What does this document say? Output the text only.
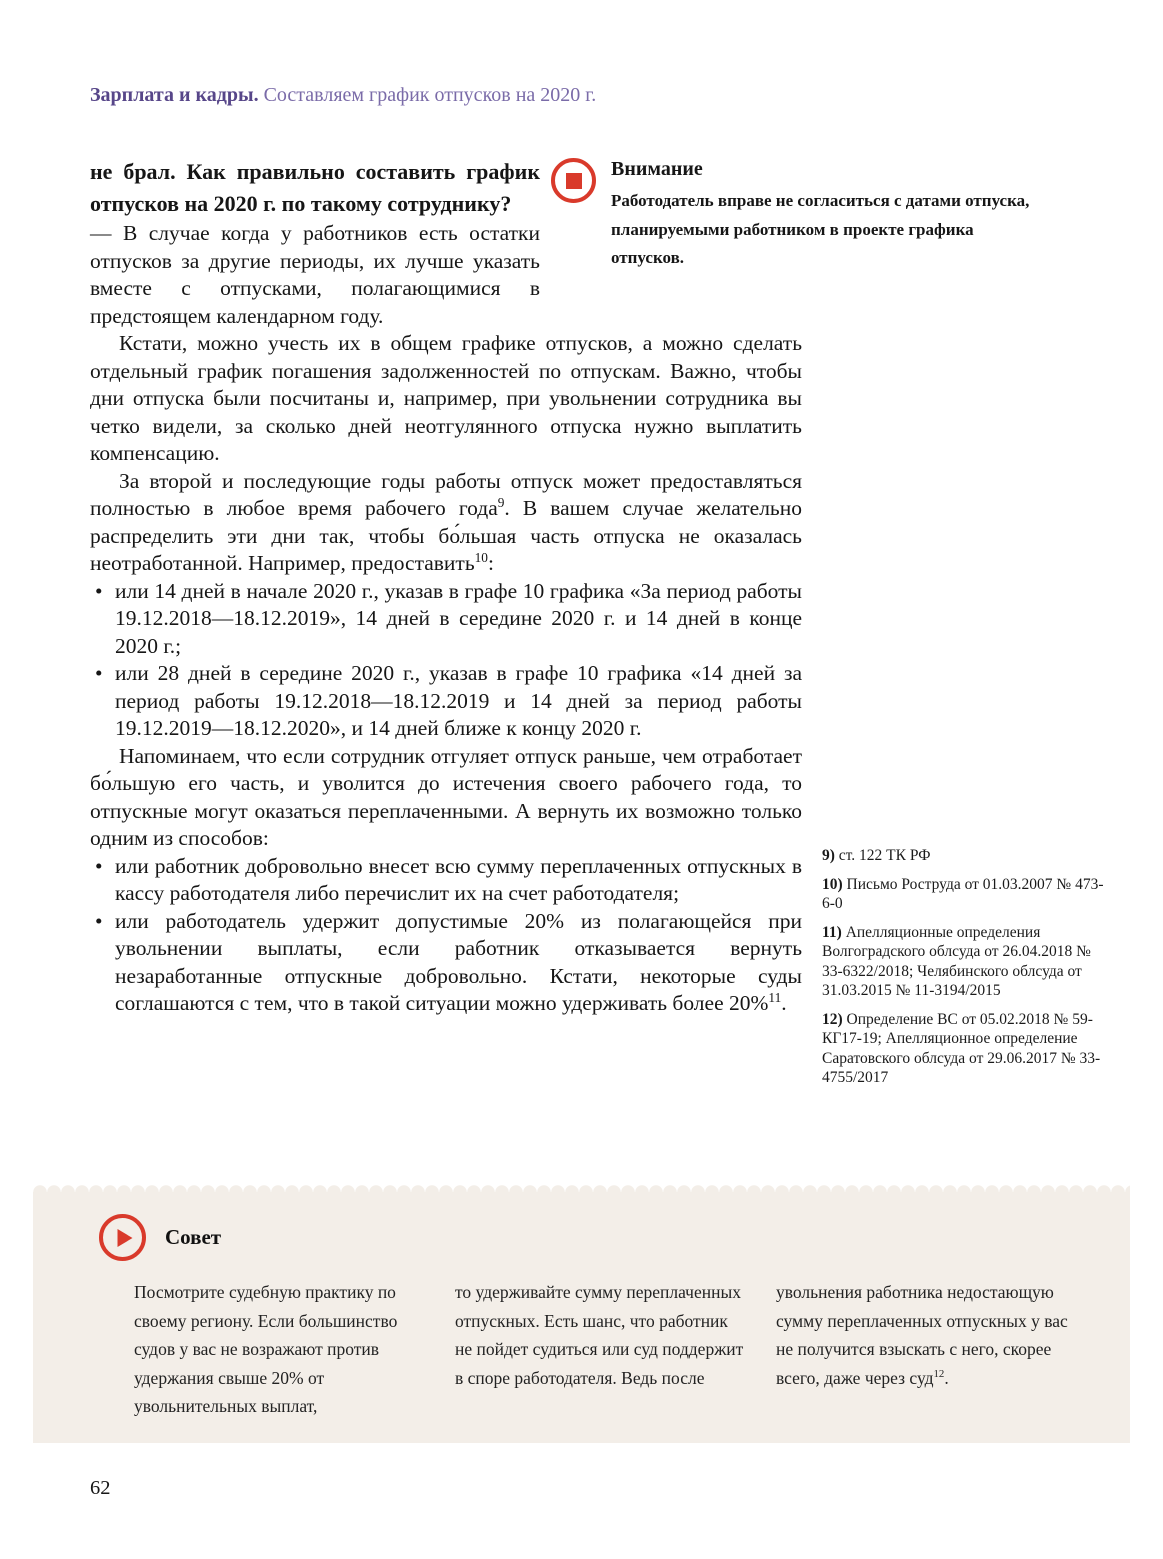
Зарплата и кадры. Составляем график отпусков на 2020 г.

Внимание

Работодатель вправе не согласиться с датами отпуска, планируемыми работником в проекте графика отпусков.

не брал. Как правильно составить график отпусков на 2020 г. по такому сотруднику?

— В случае когда у работников есть остатки отпусков за другие периоды, их лучше указать вместе с отпусками, полагающимися в предстоящем календарном году.

Кстати, можно учесть их в общем графике отпусков, а можно сделать отдельный график погашения задолженностей по отпускам. Важно, чтобы дни отпуска были посчитаны и, например, при увольнении сотрудника вы четко видели, за сколько дней неотгулянного отпуска нужно выплатить компенсацию.

За второй и последующие годы работы отпуск может предоставляться полностью в любое время рабочего года$^9$. В вашем случае желательно распределить эти дни так, чтобы бо́льшая часть отпуска не оказалась неотработанной. Например, предоставить$^{10}$:

• или 14 дней в начале 2020 г., указав в графе 10 графика «За период работы 19.12.2018—18.12.2019», 14 дней в середине 2020 г. и 14 дней в конце 2020 г.;
• или 28 дней в середине 2020 г., указав в графе 10 графика «14 дней за период работы 19.12.2018—18.12.2019 и 14 дней за период работы 19.12.2019—18.12.2020», и 14 дней ближе к концу 2020 г.

Напоминаем, что если сотрудник отгуляет отпуск раньше, чем отработает бо́льшую его часть, и уволится до истечения своего рабочего года, то отпускные могут оказаться переплаченными. А вернуть их возможно только одним из способов:

• или работник добровольно внесет всю сумму переплаченных отпускных в кассу работодателя либо перечислит их на счет работодателя;
• или работодатель удержит допустимые 20% из полагающейся при увольнении выплаты, если работник отказывается вернуть незаработанные отпускные добровольно. Кстати, некоторые суды соглашаются с тем, что в такой ситуации можно удерживать более 20%$^{11}$.
9) ст. 122 ТК РФ
10) Письмо Роструда от 01.03.2007 № 473-6-0
11) Апелляционные определения Волгоградского облсуда от 26.04.2018 № 33-6322/2018; Челябинского облсуда от 31.03.2015 № 11-3194/2015
12) Определение ВС от 05.02.2018 № 59-КГ17-19; Апелляционное определение Саратовского облсуда от 29.06.2017 № 33-4755/2017
Совет
Посмотрите судебную практику по своему региону. Если большинство судов у вас не возражают против удержания свыше 20% от увольнительных выплат,
то удерживайте сумму переплаченных отпускных. Есть шанс, что работник не пойдет судиться или суд поддержит в споре работодателя. Ведь после
увольнения работника недостающую сумму переплаченных отпускных у вас не получится взыскать с него, скорее всего, даже через суд$^{12}$.
62
